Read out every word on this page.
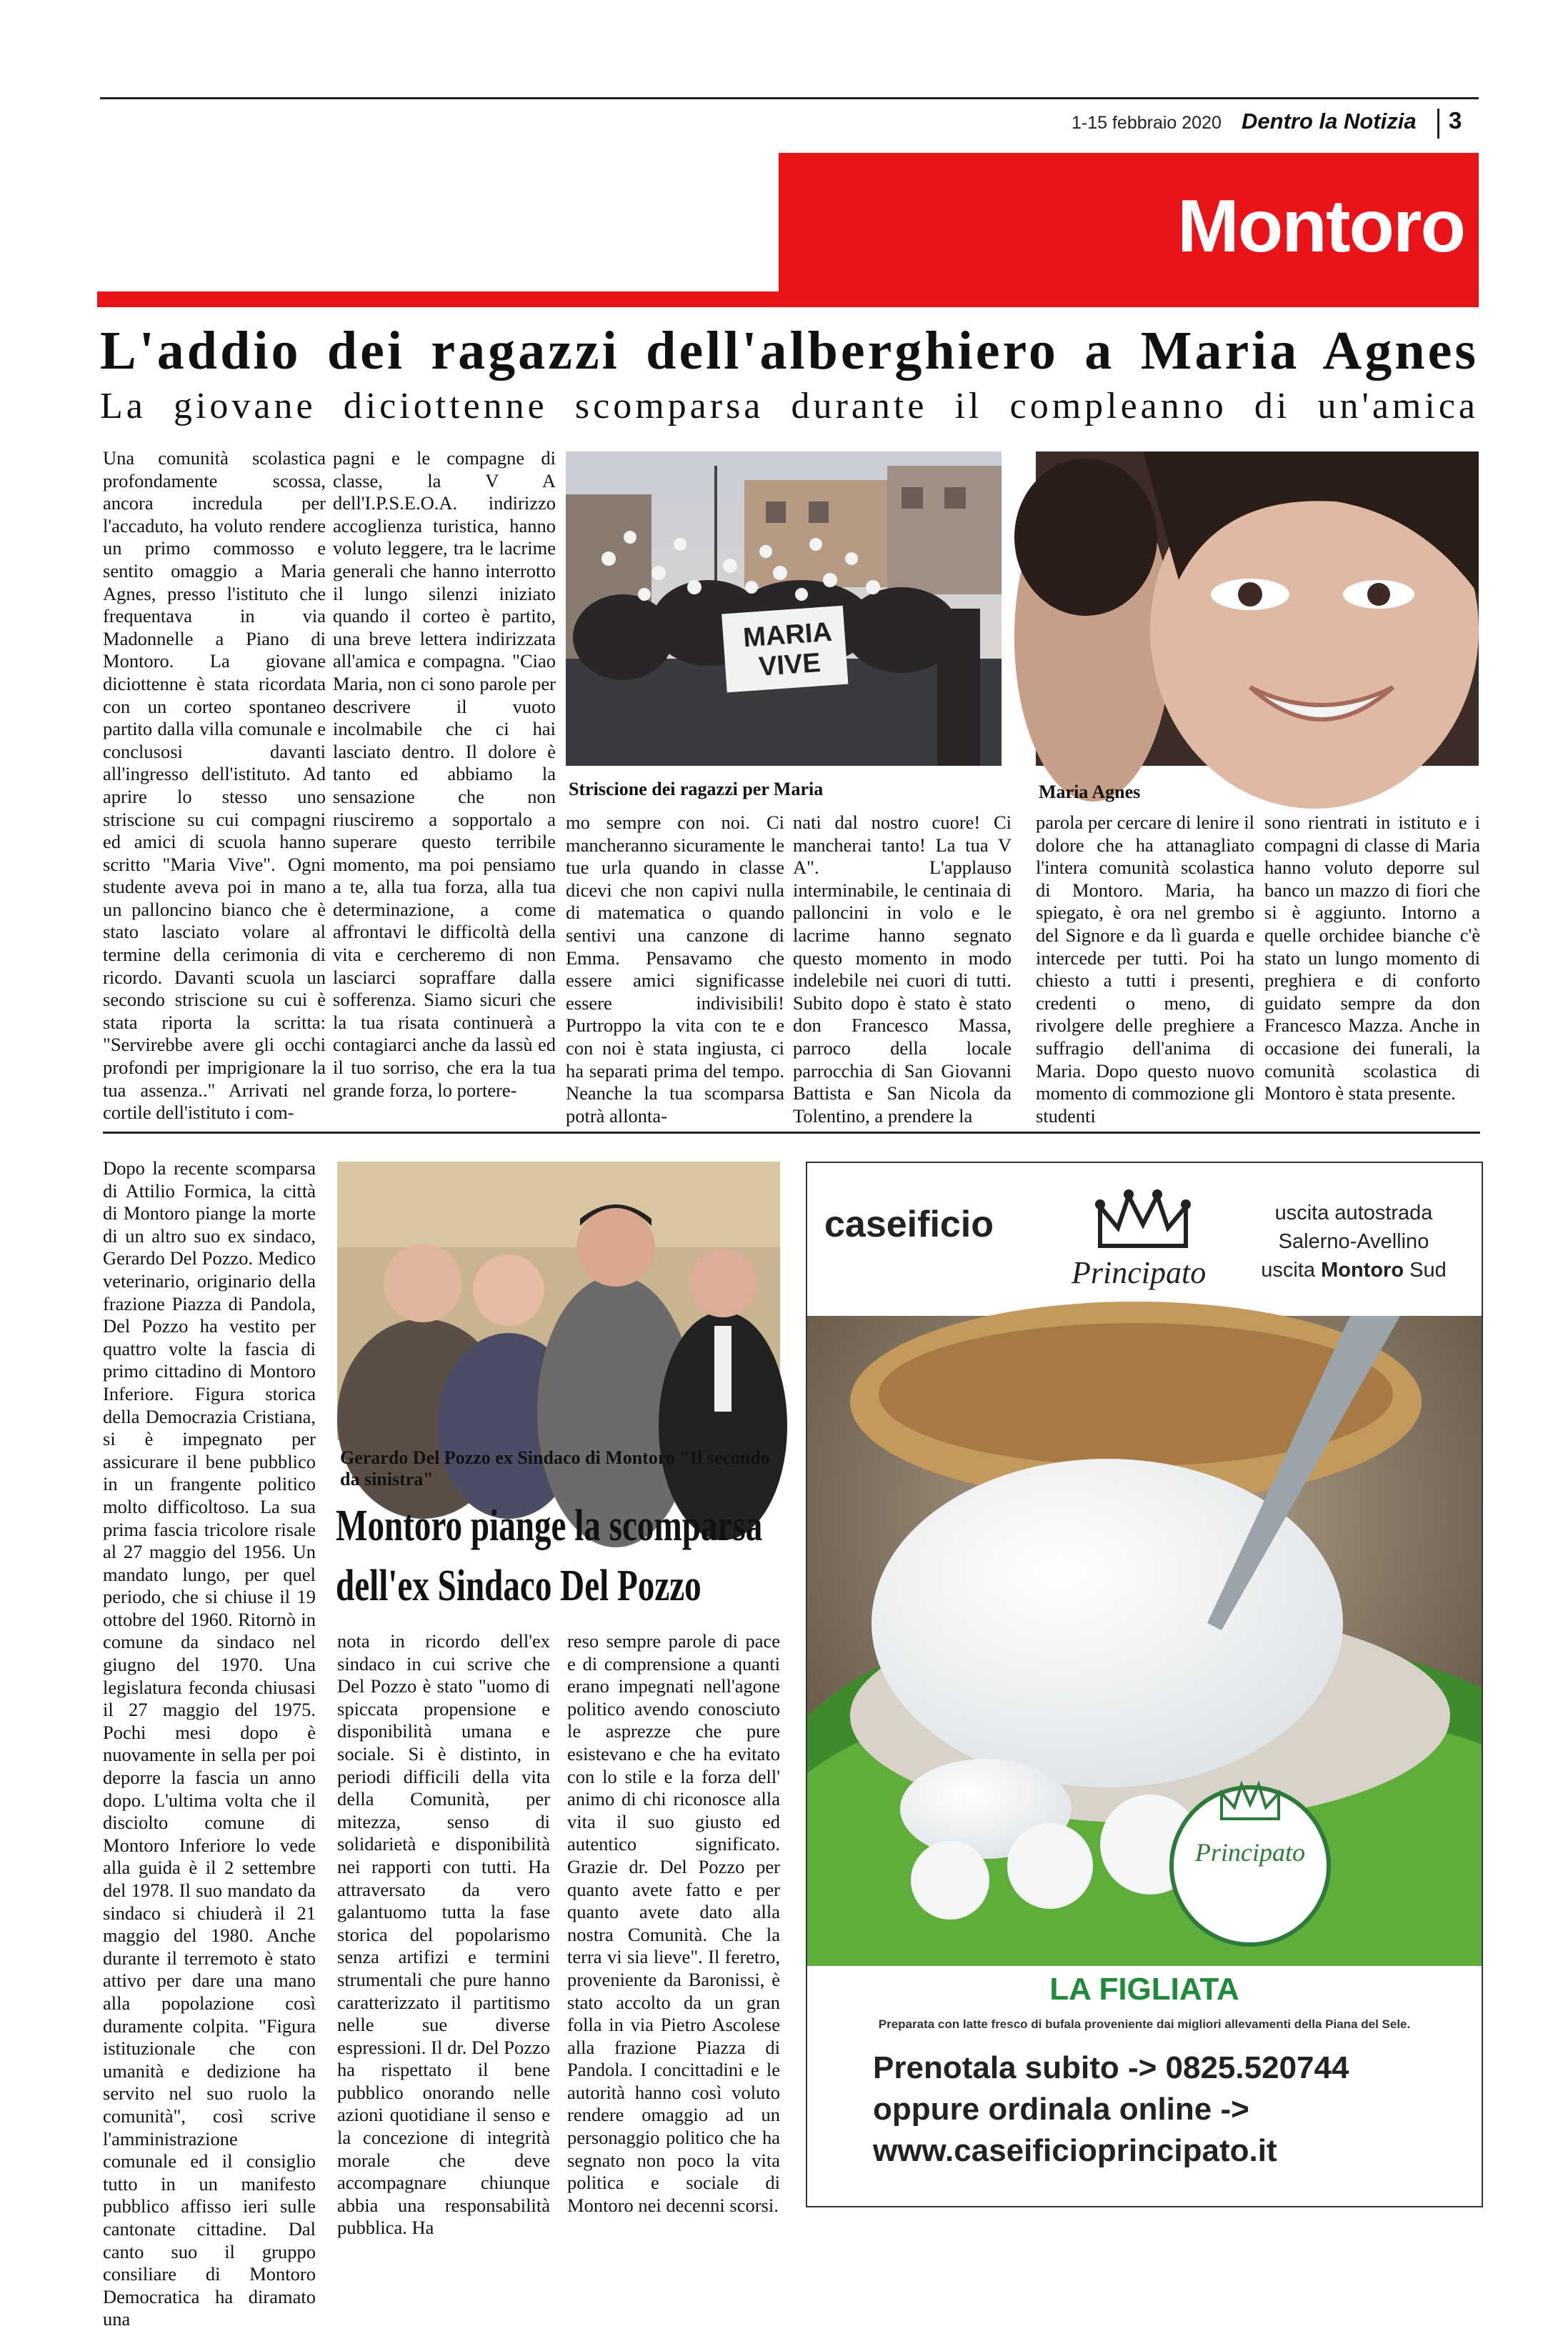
1-15 febbraio 2020 Dentro la Notizia 3
Montoro
L'addio dei ragazzi dell'alberghiero a Maria Agnes
La giovane diciottenne scomparsa durante il compleanno di un'amica

Una comunità scolastica profondamente scossa, ancora incredula per l'accaduto, ha voluto rendere un primo commosso e sentito omaggio a Maria Agnes, presso l'istituto che frequentava in via Madonnelle a Piano di Montoro. La giovane diciottenne è stata ricordata con un corteo spontaneo partito dalla villa comunale e conclusosi davanti all'ingresso dell'istituto. Ad aprire lo stesso uno striscione su cui compagni ed amici di scuola hanno scritto "Maria Vive". Ogni studente aveva poi in mano un palloncino bianco che è stato lasciato volare al termine della cerimonia di ricordo. Davanti scuola un secondo striscione su cui è stata riporta la scritta: "Servirebbe avere gli occhi profondi per imprigionare la tua assenza.." Arrivati nel cortile dell'istituto i com-

pagni e le compagne di classe, la V A dell'I.P.S.E.O.A. indirizzo accoglienza turistica, hanno voluto leggere, tra le lacrime generali che hanno interrotto il lungo silenzi iniziato quando il corteo è partito, una breve lettera indirizzata all'amica e compagna. "Ciao Maria, non ci sono parole per descrivere il vuoto incolmabile che ci hai lasciato dentro. Il dolore è tanto ed abbiamo la sensazione che non riusciremo a sopportalo a superare questo terribile momento, ma poi pensiamo a te, alla tua forza, alla tua determinazione, a come affrontavi le difficoltà della vita e cercheremo di non lasciarci sopraffare dalla sofferenza. Siamo sicuri che la tua risata continuerà a contagiarci anche da lassù ed il tuo sorriso, che era la tua grande forza, lo portere-

MARIA VIVE
Striscione dei ragazzi per Maria	Maria Agnes

mo sempre con noi. Ci mancheranno sicuramente le tue urla quando in classe dicevi che non capivi nulla di matematica o quando sentivi una canzone di Emma. Pensavamo che essere amici significasse essere indivisibili! Purtroppo la vita con te e con noi è stata ingiusta, ci ha separati prima del tempo. Neanche la tua scomparsa potrà allonta-

nati dal nostro cuore! Ci mancherai tanto! La tua V A". L'applauso interminabile, le centinaia di palloncini in volo e le lacrime hanno segnato questo momento in modo indelebile nei cuori di tutti. Subito dopo è stato è stato don Francesco Massa, parroco della locale parrocchia di San Giovanni Battista e San Nicola da Tolentino, a prendere la

parola per cercare di lenire il dolore che ha attanagliato l'intera comunità scolastica di Montoro. Maria, ha spiegato, è ora nel grembo del Signore e da lì guarda e intercede per tutti. Poi ha chiesto a tutti i presenti, credenti o meno, di rivolgere delle preghiere a suffragio dell'anima di Maria. Dopo questo nuovo momento di commozione gli studenti

sono rientrati in istituto e i compagni di classe di Maria hanno voluto deporre sul banco un mazzo di fiori che si è aggiunto. Intorno a quelle orchidee bianche c'è stato un lungo momento di preghiera e di conforto guidato sempre da don Francesco Mazza. Anche in occasione dei funerali, la comunità scolastica di Montoro è stata presente.

Dopo la recente scomparsa di Attilio Formica, la città di Montoro piange la morte di un altro suo ex sindaco, Gerardo Del Pozzo. Medico veterinario, originario della frazione Piazza di Pandola, Del Pozzo ha vestito per quattro volte la fascia di primo cittadino di Montoro Inferiore. Figura storica della Democrazia Cristiana, si è impegnato per assicurare il bene pubblico in un frangente politico molto difficoltoso. La sua prima fascia tricolore risale al 27 maggio del 1956. Un mandato lungo, per quel periodo, che si chiuse il 19 ottobre del 1960. Ritornò in comune da sindaco nel giugno del 1970. Una legislatura feconda chiusasi il 27 maggio del 1975. Pochi mesi dopo è nuovamente in sella per poi deporre la fascia un anno dopo. L'ultima volta che il disciolto comune di Montoro Inferiore lo vede alla guida è il 2 settembre del 1978. Il suo mandato da sindaco si chiuderà il 21 maggio del 1980. Anche durante il terremoto è stato attivo per dare una mano alla popolazione così duramente colpita. "Figura istituzionale che con umanità e dedizione ha servito nel suo ruolo la comunità", così scrive l'amministrazione comunale ed il consiglio tutto in un manifesto pubblico affisso ieri sulle cantonate cittadine. Dal canto suo il gruppo consiliare di Montoro Democratica ha diramato una

Gerardo Del Pozzo ex Sindaco di Montoro "Il secondo da sinistra"
Montoro piange la scomparsa
dell'ex Sindaco Del Pozzo

nota in ricordo dell'ex sindaco in cui scrive che Del Pozzo è stato "uomo di spiccata propensione e disponibilità umana e sociale. Si è distinto, in periodi difficili della vita della Comunità, per mitezza, senso di solidarietà e disponibilità nei rapporti con tutti. Ha attraversato da vero galantuomo tutta la fase storica del popolarismo senza artifizi e termini strumentali che pure hanno caratterizzato il partitismo nelle sue diverse espressioni. Il dr. Del Pozzo ha rispettato il bene pubblico onorando nelle azioni quotidiane il senso e la concezione di integrità morale che deve accompagnare chiunque abbia una responsabilità pubblica. Ha

reso sempre parole di pace e di comprensione a quanti erano impegnati nell'agone politico avendo conosciuto le asprezze che pure esistevano e che ha evitato con lo stile e la forza dell' animo di chi riconosce alla vita il suo giusto ed autentico significato. Grazie dr. Del Pozzo per quanto avete fatto e per quanto avete dato alla nostra Comunità. Che la terra vi sia lieve". Il feretro, proveniente da Baronissi, è stato accolto da un gran folla in via Pietro Ascolese alla frazione Piazza di Pandola. I concittadini e le autorità hanno così voluto rendere omaggio ad un personaggio politico che ha segnato non poco la vita politica e sociale di Montoro nei decenni scorsi.

caseificio
Principato
uscita autostrada
Salerno-Avellino
uscita Montoro Sud
Principato
LA FIGLIATA
Preparata con latte fresco di bufala proveniente dai migliori allevamenti della Piana del Sele.
Prenotala subito -> 0825.520744
oppure ordinala online ->
www.caseificioprincipato.it
